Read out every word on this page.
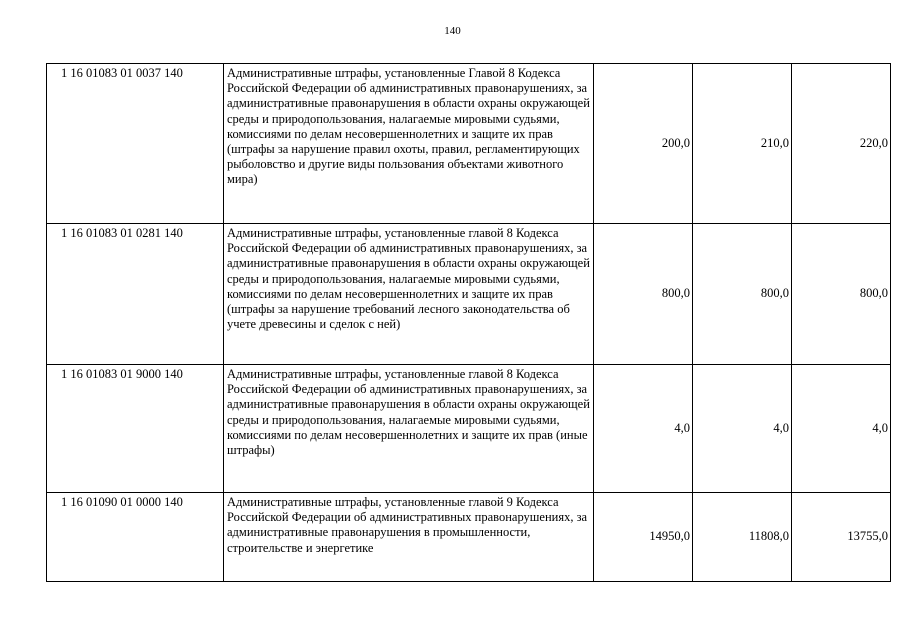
140
1 16 01083 01 0037 140	Административные штрафы, установленные Главой 8 Кодекса Российской Федерации об административных правонарушениях, за административные правонарушения в области охраны окружающей среды и природопользования, налагаемые мировыми судьями, комиссиями по делам несовершеннолетних и защите их прав (штрафы за нарушение правил охоты, правил, регламентирующих рыболовство и другие виды пользования объектами животного мира)	200,0	210,0	220,0
1 16 01083 01 0281 140	Административные штрафы, установленные главой 8 Кодекса Российской Федерации об административных правонарушениях, за административные правонарушения в области охраны окружающей среды и природопользования, налагаемые мировыми судьями, комиссиями по делам несовершеннолетних и защите их прав (штрафы за нарушение требований лесного законодательства об учете древесины и сделок с ней)	800,0	800,0	800,0
1 16 01083 01 9000 140	Административные штрафы, установленные главой 8 Кодекса Российской Федерации об административных правонарушениях, за административные правонарушения в области охраны окружающей среды и природопользования, налагаемые мировыми судьями, комиссиями по делам несовершеннолетних и защите их прав (иные штрафы)	4,0	4,0	4,0
1 16 01090 01 0000 140	Административные штрафы, установленные главой 9 Кодекса Российской Федерации об административных правонарушениях, за административные правонарушения в промышленности, строительстве и энергетике	14950,0	11808,0	13755,0
